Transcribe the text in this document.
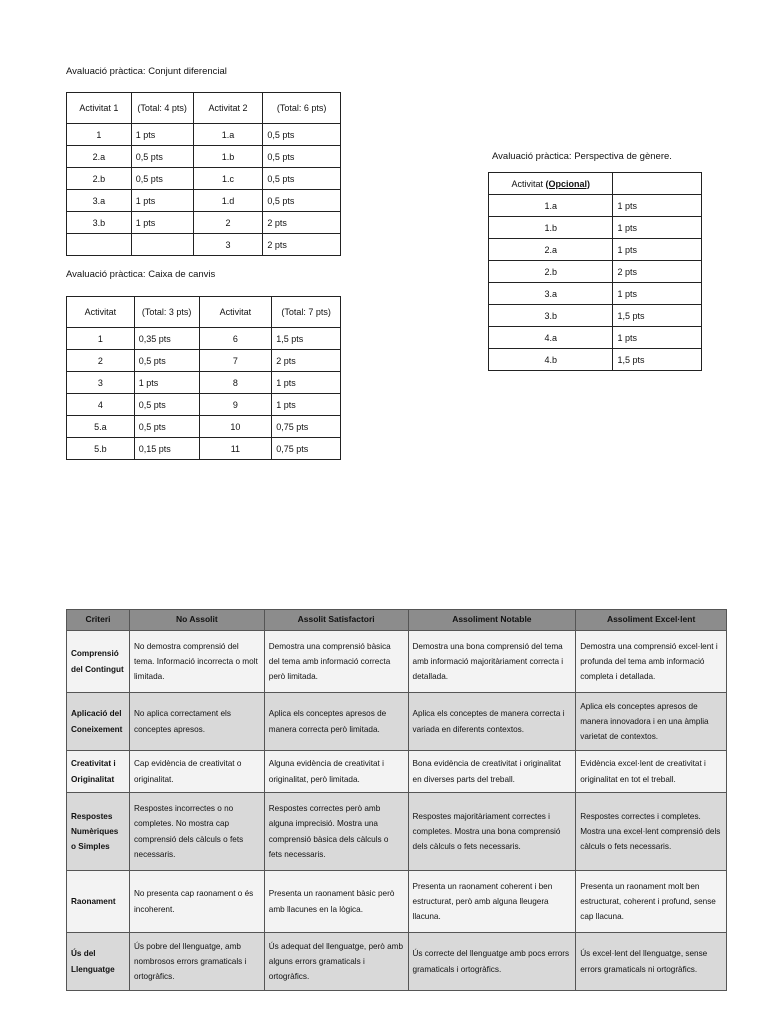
Avaluació pràctica: Conjunt diferencial
Activitat 1	(Total: 4 pts)	Activitat 2	(Total: 6 pts)
1	1 pts	1.a	0,5 pts
2.a	0,5 pts	1.b	0,5 pts
2.b	0,5 pts	1.c	0,5 pts
3.a	1 pts	1.d	0,5 pts
3.b	1 pts	2	2 pts
		3	2 pts
Avaluació pràctica: Caixa de canvis
Activitat	(Total: 3 pts)	Activitat	(Total: 7 pts)
1	0,35 pts	6	1,5 pts
2	0,5 pts	7	2 pts
3	1 pts	8	1 pts
4	0,5 pts	9	1 pts
5.a	0,5 pts	10	0,75 pts
5.b	0,15 pts	11	0,75 pts
Avaluació pràctica: Perspectiva de gènere.
Activitat (Opcional)	
1.a	1 pts
1.b	1 pts
2.a	1 pts
2.b	2 pts
3.a	1 pts
3.b	1,5 pts
4.a	1 pts
4.b	1,5 pts
Criteri	No Assolit	Assolit Satisfactori	Assoliment Notable	Assoliment Excel·lent
Comprensió del Contingut	No demostra comprensió del tema. Informació incorrecta o molt limitada.	Demostra una comprensió bàsica del tema amb informació correcta però limitada.	Demostra una bona comprensió del tema amb informació majoritàriament correcta i detallada.	Demostra una comprensió excel·lent i profunda del tema amb informació completa i detallada.
Aplicació del Coneixement	No aplica correctament els conceptes apresos.	Aplica els conceptes apresos de manera correcta però limitada.	Aplica els conceptes de manera correcta i variada en diferents contextos.	Aplica els conceptes apresos de manera innovadora i en una àmplia varietat de contextos.
Creativitat i Originalitat	Cap evidència de creativitat o originalitat.	Alguna evidència de creativitat i originalitat, però limitada.	Bona evidència de creativitat i originalitat en diverses parts del treball.	Evidència excel·lent de creativitat i originalitat en tot el treball.
Respostes Numèriques o Simples	Respostes incorrectes o no completes. No mostra cap comprensió dels càlculs o fets necessaris.	Respostes correctes però amb alguna imprecisió. Mostra una comprensió bàsica dels càlculs o fets necessaris.	Respostes majoritàriament correctes i completes. Mostra una bona comprensió dels càlculs o fets necessaris.	Respostes correctes i completes. Mostra una excel·lent comprensió dels càlculs o fets necessaris.
Raonament	No presenta cap raonament o és incoherent.	Presenta un raonament bàsic però amb llacunes en la lògica.	Presenta un raonament coherent i ben estructurat, però amb alguna lleugera llacuna.	Presenta un raonament molt ben estructurat, coherent i profund, sense cap llacuna.
Ús del Llenguatge	Ús pobre del llenguatge, amb nombrosos errors gramaticals i ortogràfics.	Ús adequat del llenguatge, però amb alguns errors gramaticals i ortogràfics.	Ús correcte del llenguatge amb pocs errors gramaticals i ortogràfics.	Ús excel·lent del llenguatge, sense errors gramaticals ni ortogràfics.
